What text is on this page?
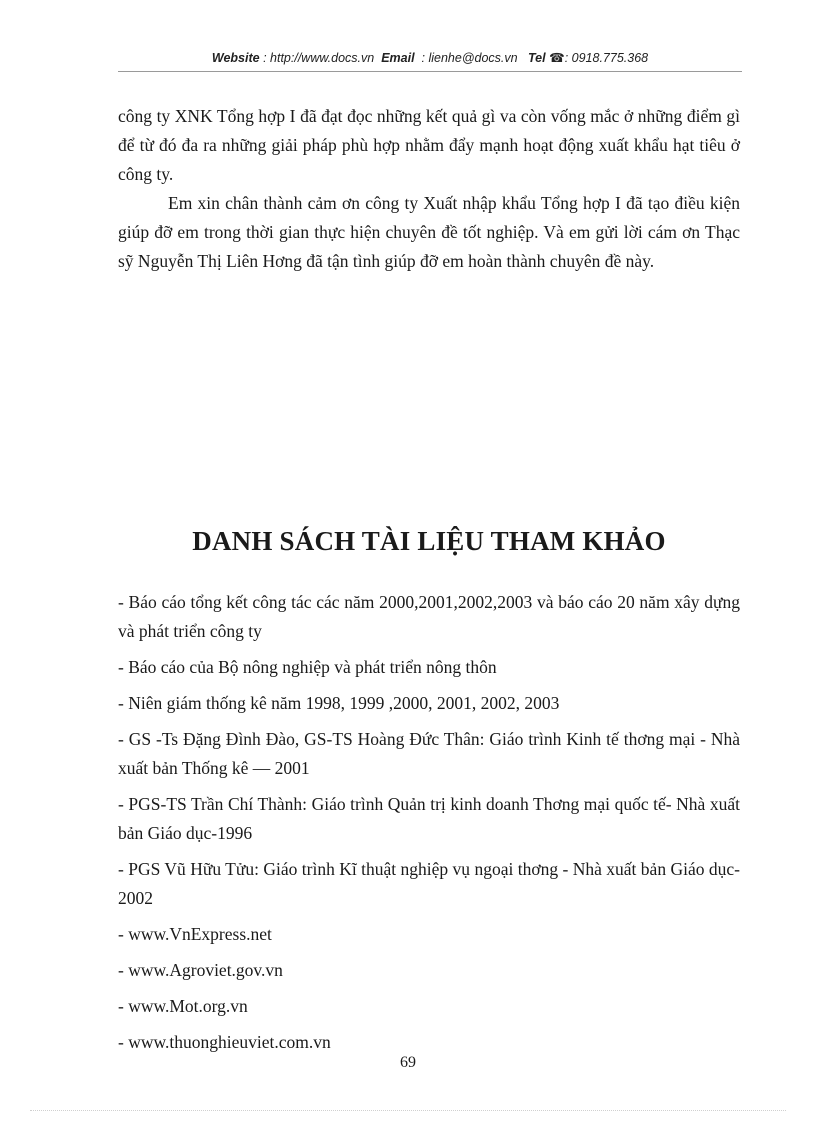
Website : http://www.docs.vn Email : lienhe@docs.vn Tel ☎: 0918.775.368

công ty XNK Tổng hợp I đã đạt đọc những kết quả gì va còn vống mắc ở những điểm gì để từ đó đa ra những giải pháp phù hợp nhằm đẩy mạnh hoạt động xuất khẩu hạt tiêu ở công ty.

Em xin chân thành cảm ơn công ty Xuất nhập khẩu Tổng hợp I đã tạo điều kiện giúp đỡ em trong thời gian thực hiện chuyên đề tốt nghiệp. Và em gửi lời cám ơn Thạc sỹ Nguyễn Thị Liên Hơng đã tận tình giúp đỡ em hoàn thành chuyên đề này.

DANH SÁCH TÀI LIỆU THAM KHẢO

- Báo cáo tổng kết công tác các năm 2000,2001,2002,2003 và báo cáo 20 năm xây dựng và phát triển công ty

- Báo cáo của Bộ nông nghiệp và phát triển nông thôn

- Niên giám thống kê năm 1998, 1999 ,2000, 2001, 2002, 2003

- GS -Ts Đặng Đình Đào, GS-TS Hoàng Đức Thân: Giáo trình Kinh tế thơng mại - Nhà xuất bản Thống kê — 2001

- PGS-TS Trần Chí Thành: Giáo trình Quản trị kinh doanh Thơng mại quốc tế- Nhà xuất bản Giáo dục-1996

- PGS Vũ Hữu Tửu: Giáo trình Kĩ thuật nghiệp vụ ngoại thơng - Nhà xuất bản Giáo dục-2002

- www.VnExpress.net

- www.Agroviet.gov.vn

- www.Mot.org.vn

- www.thuonghieuviet.com.vn

69
